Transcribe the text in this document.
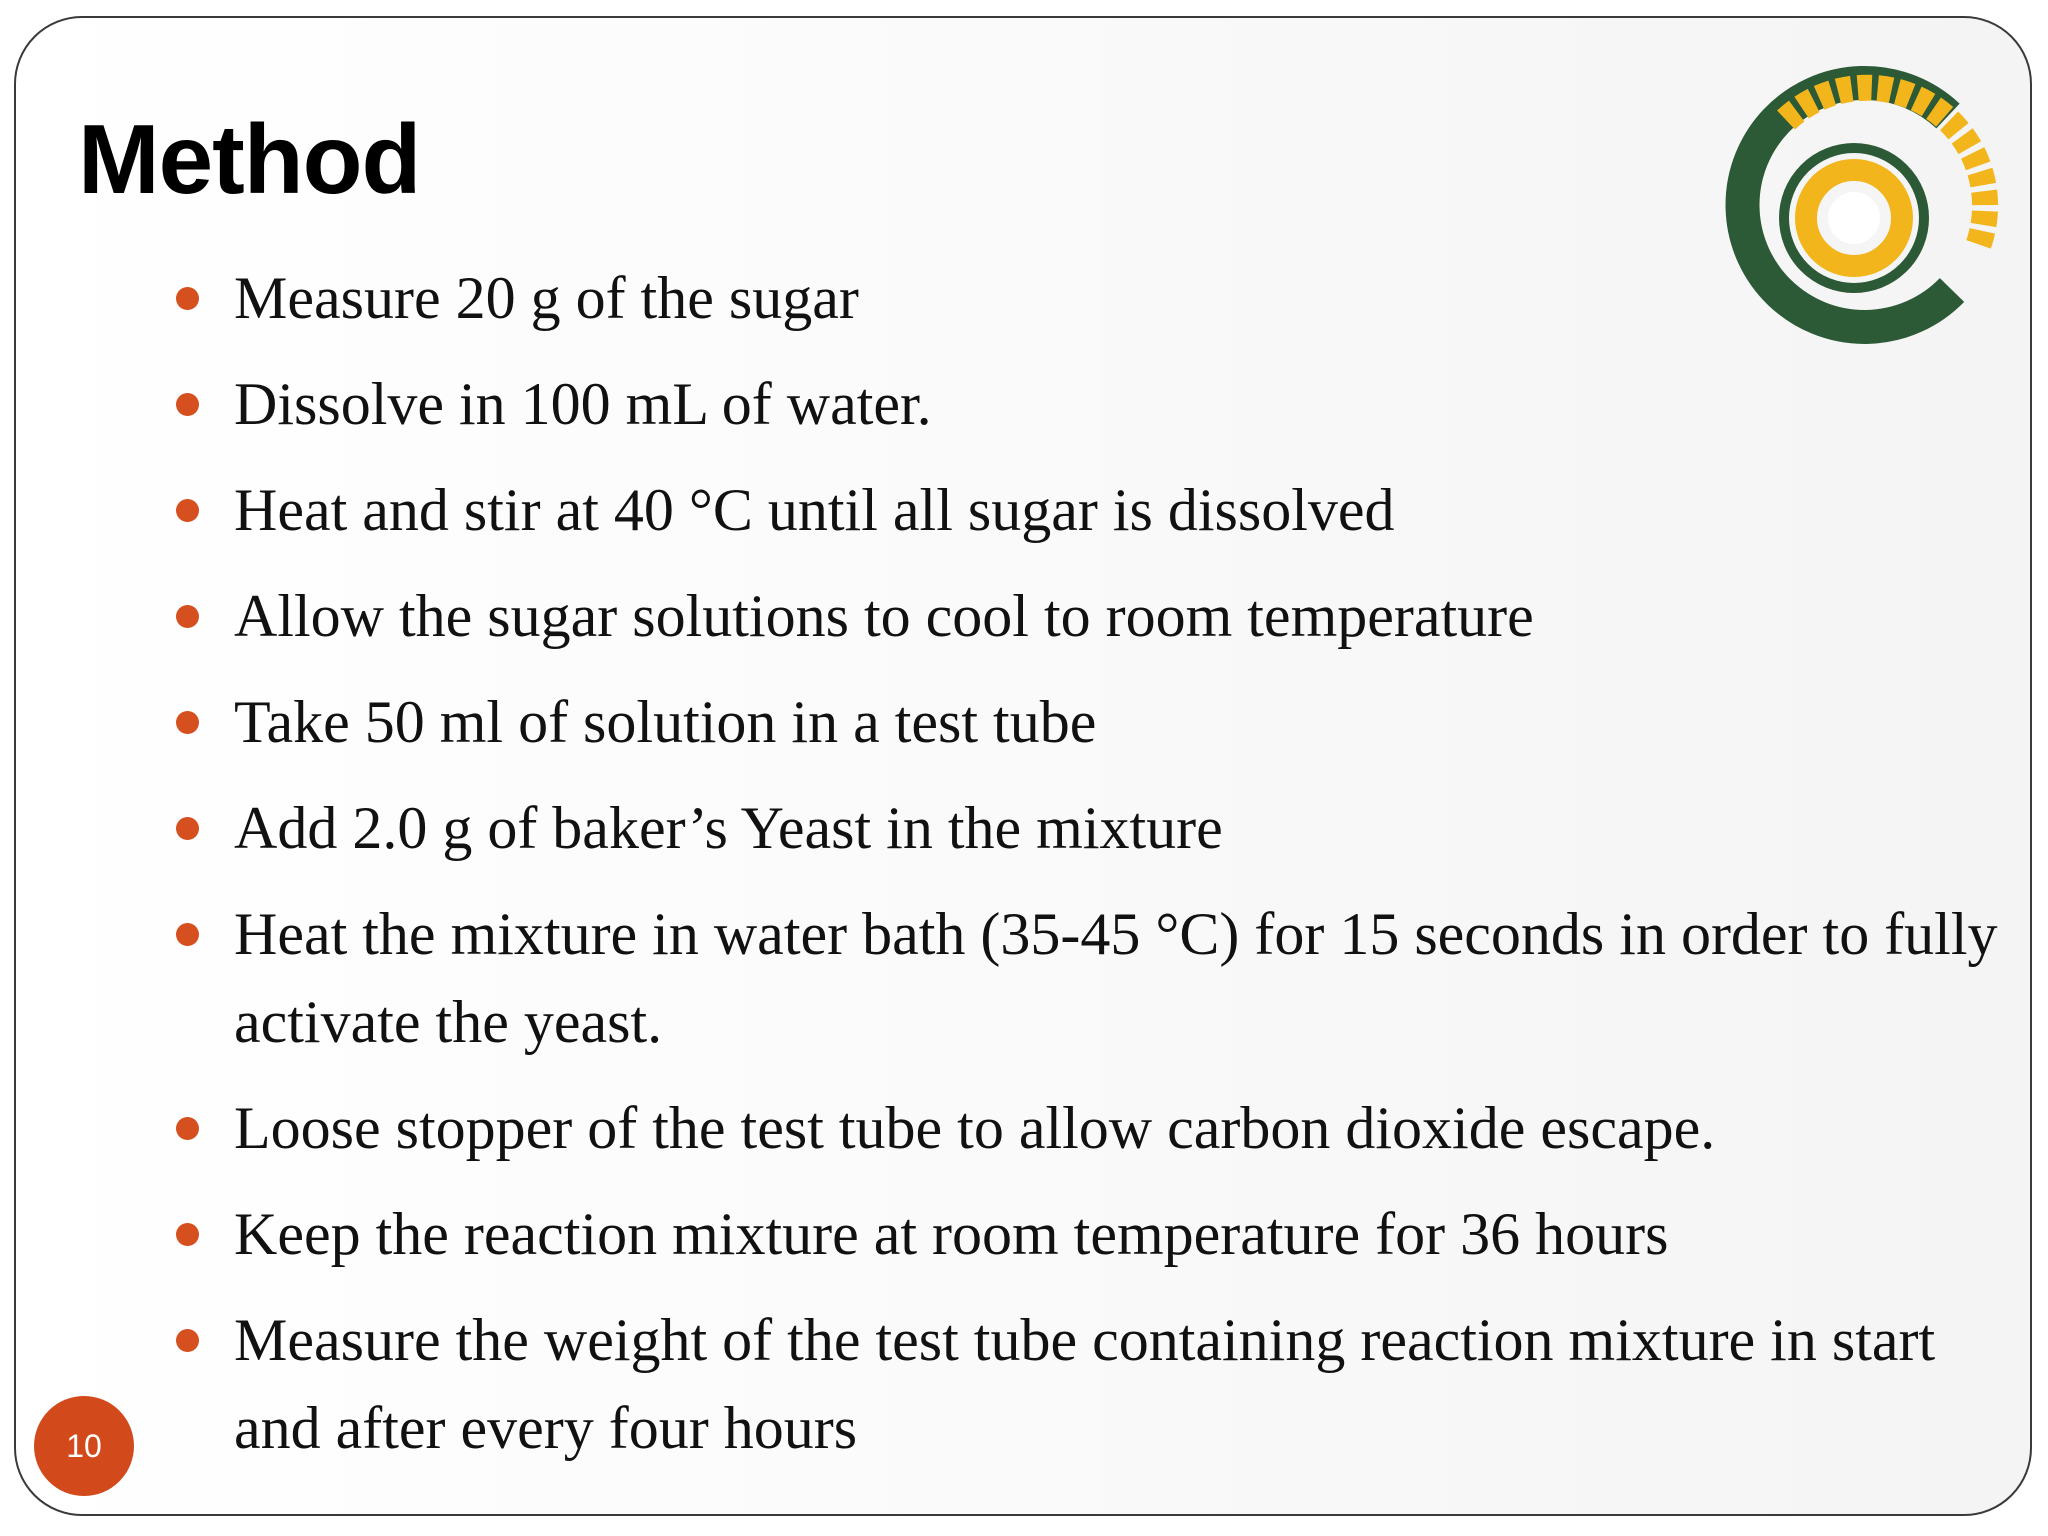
Method
Measure 20 g of the sugar
Dissolve in 100 mL of water.
Heat and stir at 40 °C until all sugar is dissolved
Allow the sugar solutions to cool to room temperature
Take 50 ml of solution in a test tube
Add 2.0 g of baker’s Yeast in the mixture
Heat the mixture in water bath (35-45 °C) for 15 seconds in order to fully activate the yeast.
Loose stopper of the test tube to allow carbon dioxide escape.
Keep the reaction mixture at room temperature for 36 hours
Measure the weight of the test tube containing reaction mixture in start and after every four hours
10
